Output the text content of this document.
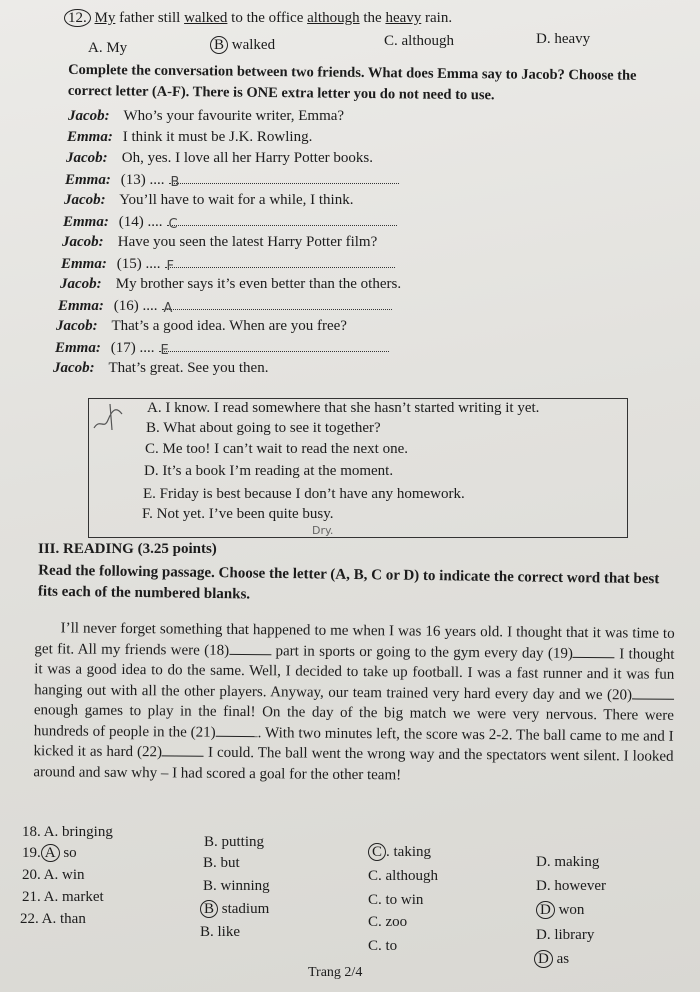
12. My father still walked to the office although the heavy rain.
A. My	B walked	C. although	D. heavy
Complete the conversation between two friends. What does Emma say to Jacob? Choose the correct letter (A-F). There is ONE extra letter you do not need to use.
Jacob: Who’s your favourite writer, Emma?
Emma: I think it must be J.K. Rowling.
Jacob: Oh, yes. I love all her Harry Potter books.
Emma: (13) .... B
Jacob: You’ll have to wait for a while, I think.
Emma: (14) .... C
Jacob: Have you seen the latest Harry Potter film?
Emma: (15) .... F
Jacob: My brother says it’s even better than the others.
Emma: (16) .... A
Jacob: That’s a good idea. When are you free?
Emma: (17) .... E
Jacob: That’s great. See you then.
A. I know. I read somewhere that she hasn’t started writing it yet.
B. What about going to see it together?
C. Me too! I can’t wait to read the next one.
D. It’s a book I’m reading at the moment.
E. Friday is best because I don’t have any homework.
F. Not yet. I’ve been quite busy.
Dry.
III. READING (3.25 points)
Read the following passage. Choose the letter (A, B, C or D) to indicate the correct word that best fits each of the numbered blanks.
I’ll never forget something that happened to me when I was 16 years old. I thought that it was time to get fit. All my friends were (18)	part in sports or going to the gym every day (19)	I thought it was a good idea to do the same. Well, I decided to take up football. I was a fast runner and it was fun hanging out with all the other players. Anyway, our team trained very hard every day and we (20) enough games to play in the final! On the day of the big match we were very nervous. There were hundreds of people in the (21)	. With two minutes left, the score was 2-2. The ball came to me and I kicked it as hard (22)	I could. The ball went the wrong way and the spectators went silent. I looked around and saw why – I had scored a goal for the other team!
18. A. bringing
B. putting
C . taking
D. making
19. A so
B. but
C. although
D. however
20. A. win
B. winning
C. to win
D won
21. A. market
B stadium
C. zoo
D. library
22. A. than
B. like
C. to
D as
Trang 2/4
